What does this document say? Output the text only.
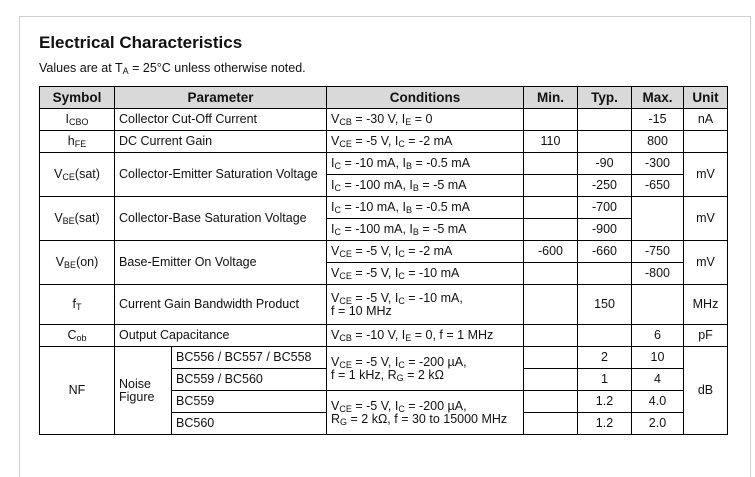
Electrical Characteristics
Values are at $T_A = 25^\circ C$ unless otherwise noted.
Symbol	Parameter		Conditions	Min.	Typ.	Max.	Unit
$I_{CBO}$	Collector Cut-Off Current		$V_{CB} = -30$ V, $I_E = 0$			-15	nA
$h_{FE}$	DC Current Gain		$V_{CE} = -5$ V, $I_C = -2$ mA	110		800	
$V_{CE}(sat)$	Collector-Emitter Saturation Voltage		$I_C = -10$ mA, $I_B = -0.5$ mA		-90	-300	mV
			$I_C = -100$ mA, $I_B = -5$ mA		-250	-650	
$V_{BE}(sat)$	Collector-Base Saturation Voltage		$I_C = -10$ mA, $I_B = -0.5$ mA		-700		mV
			$I_C = -100$ mA, $I_B = -5$ mA		-900		
$V_{BE}(on)$	Base-Emitter On Voltage		$V_{CE} = -5$ V, $I_C = -2$ mA	-600	-660	-750	mV
			$V_{CE} = -5$ V, $I_C = -10$ mA			-800	
$f_T$	Current Gain Bandwidth Product		$V_{CE} = -5$ V, $I_C = -10$ mA,
f = 10 MHz		150		MHz
$C_{ob}$	Output Capacitance		$V_{CB} = -10$ V, $I_E = 0$, f = 1 MHz			6	pF
NF	Noise Figure	BC556 / BC557 / BC558	$V_{CE} = -5$ V, $I_C = -200$ µA,
f = 1 kHz, $R_G = 2$ kΩ		2	10	dB
		BC559 / BC560			1	4	
		BC559	$V_{CE} = -5$ V, $I_C = -200$ µA,
$R_G = 2$ kΩ, f = 30 to 15000 MHz		1.2	4.0	
		BC560			1.2	2.0	
